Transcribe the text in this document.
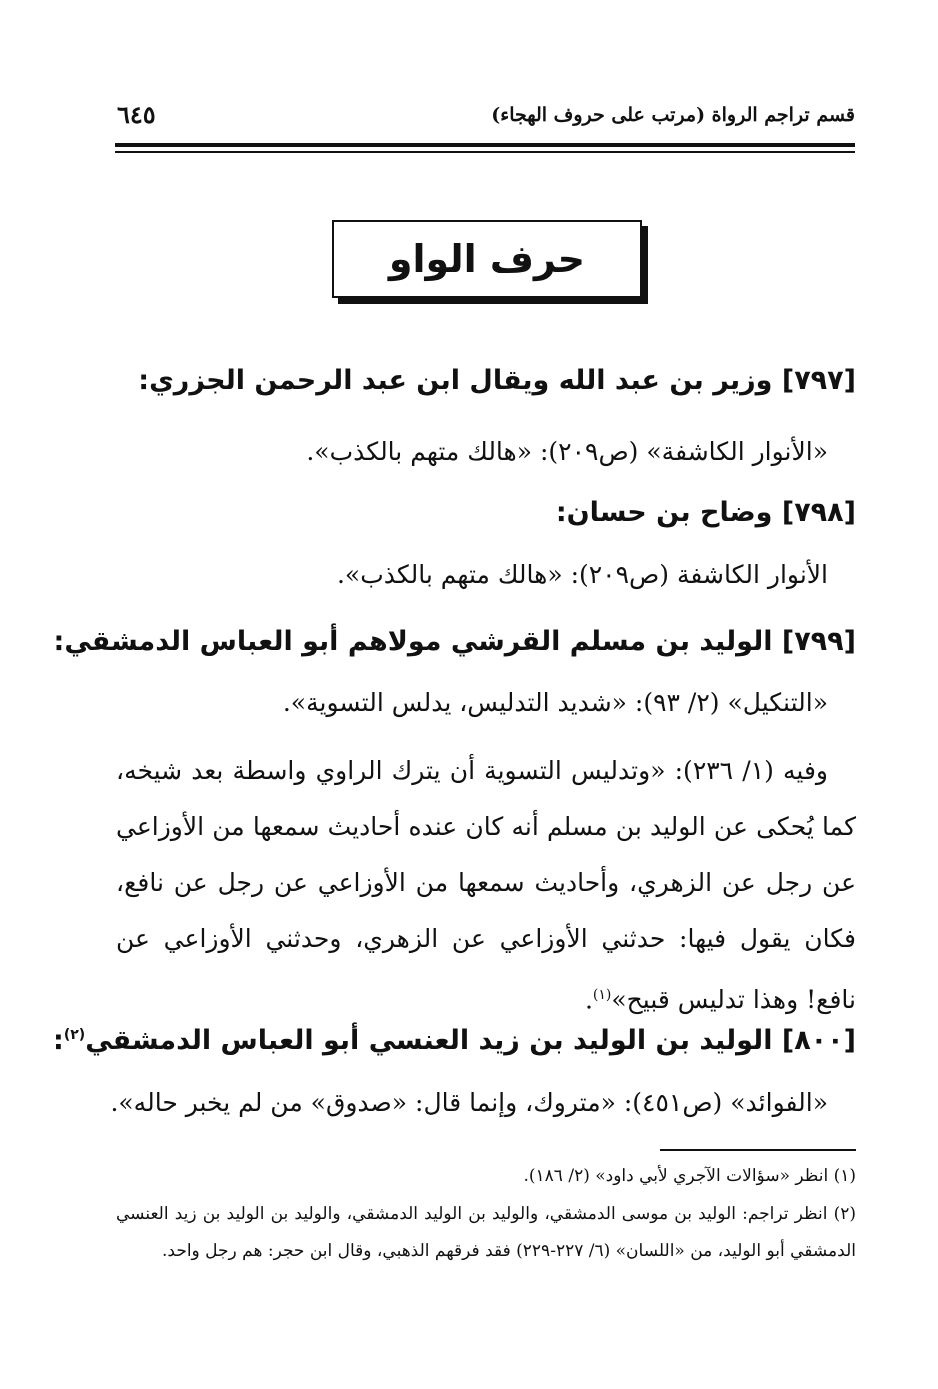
قسم تراجم الرواة (مرتب على حروف الهجاء)
٦٤٥
حرف الواو
[٧٩٧] وزير بن عبد الله ويقال ابن عبد الرحمن الجزري:
«الأنوار الكاشفة» (ص٢٠٩): «هالك متهم بالكذب».
[٧٩٨] وضاح بن حسان:
الأنوار الكاشفة (ص٢٠٩): «هالك متهم بالكذب».
[٧٩٩] الوليد بن مسلم القرشي مولاهم أبو العباس الدمشقي:
«التنكيل» (٢/ ٩٣): «شديد التدليس، يدلس التسوية».
وفيه (١/ ٢٣٦): «وتدليس التسوية أن يترك الراوي واسطة بعد شيخه، كما يُحكى عن الوليد بن مسلم أنه كان عنده أحاديث سمعها من الأوزاعي عن رجل عن الزهري، وأحاديث سمعها من الأوزاعي عن رجل عن نافع، فكان يقول فيها: حدثني الأوزاعي عن الزهري، وحدثني الأوزاعي عن نافع! وهذا تدليس قبيح»$^{(١)}$.
[٨٠٠] الوليد بن الوليد بن زيد العنسي أبو العباس الدمشقي$^{(٢)}$:
«الفوائد» (ص٤٥١): «متروك، وإنما قال: «صدوق» من لم يخبر حاله».
(١) انظر «سؤالات الآجري لأبي داود» (٢/ ١٨٦).
(٢) انظر تراجم: الوليد بن موسى الدمشقي، والوليد بن الوليد الدمشقي، والوليد بن الوليد بن زيد العنسي الدمشقي أبو الوليد، من «اللسان» (٦/ ٢٢٧-٢٢٩) فقد فرقهم الذهبي، وقال ابن حجر: هم رجل واحد.
